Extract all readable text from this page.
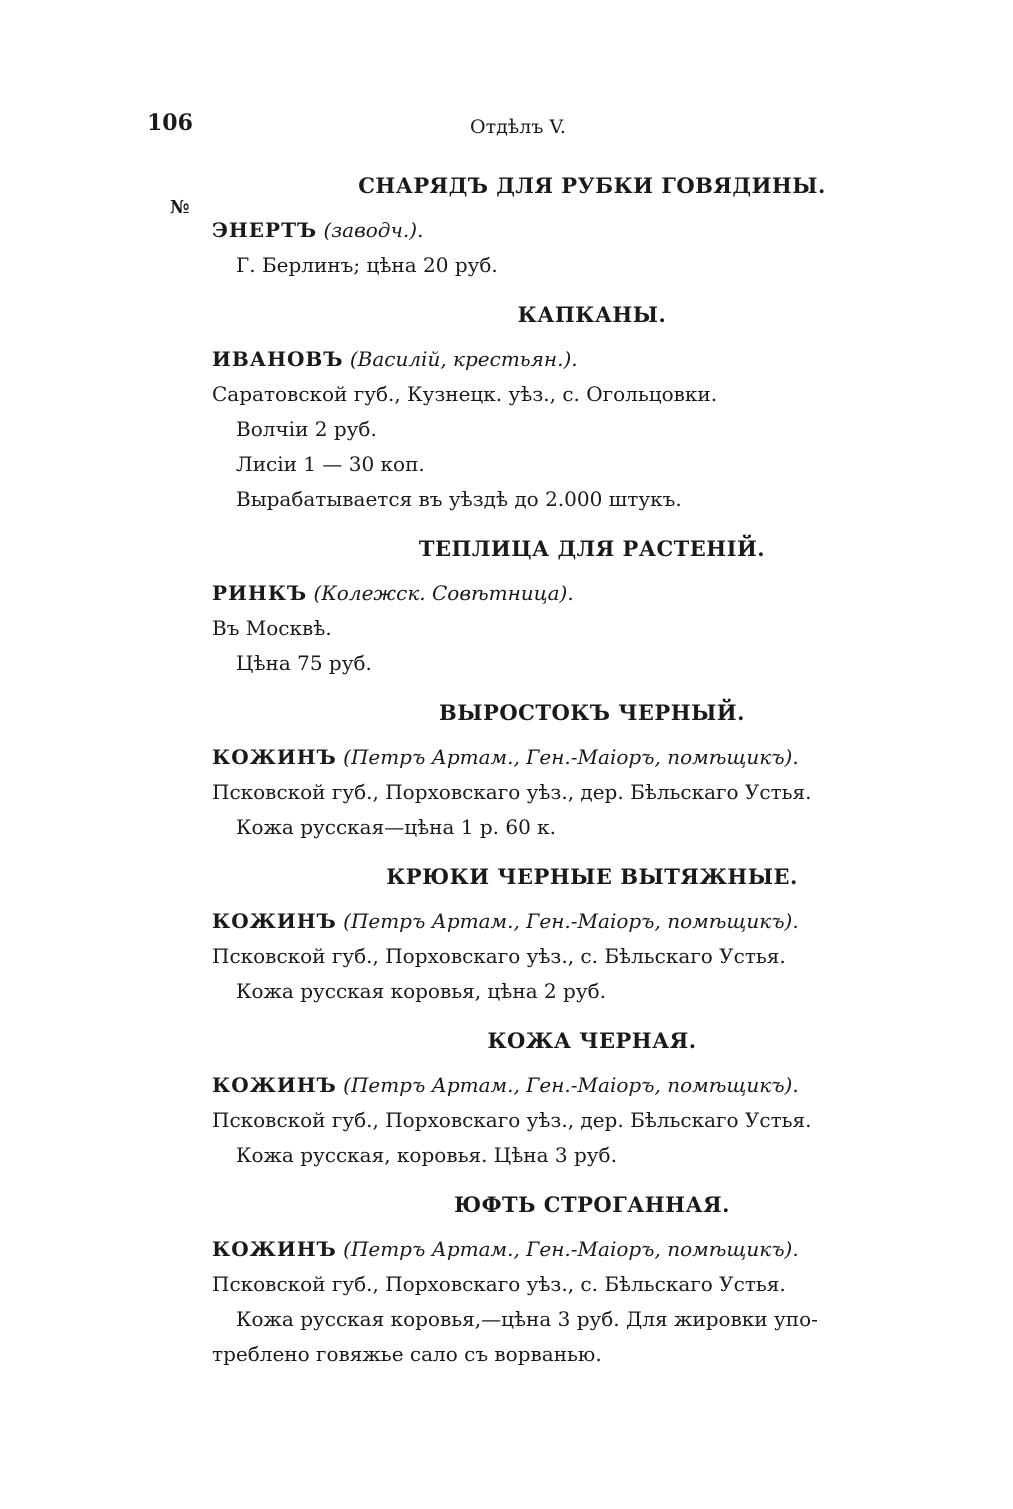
106	Отдѣлъ V.
№
СНАРЯДЪ ДЛЯ РУБКИ ГОВЯДИНЫ.

ЭНЕРТЪ (заводч.).

Г. Берлинъ; цѣна 20 руб.

КАПКАНЫ.

ИВАНОВЪ (Василій, крестьян.).

Саратовской губ., Кузнецк. уѣз., с. Огольцовки.

Волчіи 2 руб.

Лисіи 1 — 30 коп.

Вырабатывается въ уѣздѣ до 2.000 штукъ.

ТЕПЛИЦА ДЛЯ РАСТЕНІЙ.

РИНКЪ (Колежск. Совѣтница).

Въ Москвѣ.

Цѣна 75 руб.

ВЫРОСТОКЪ ЧЕРНЫЙ.

КОЖИНЪ (Петръ Артам., Ген.-Маіоръ, помѣщикъ).

Псковской губ., Порховскаго уѣз., дер. Бѣльскаго Устья.

Кожа русская—цѣна 1 р. 60 к.

КРЮКИ ЧЕРНЫЕ ВЫТЯЖНЫЕ.

КОЖИНЪ (Петръ Артам., Ген.-Маіоръ, помѣщикъ).

Псковской губ., Порховскаго уѣз., с. Бѣльскаго Устья.

Кожа русская коровья, цѣна 2 руб.

КОЖА ЧЕРНАЯ.

КОЖИНЪ (Петръ Артам., Ген.-Маіоръ, помѣщикъ).

Псковской губ., Порховскаго уѣз., дер. Бѣльскаго Устья.

Кожа русская, коровья. Цѣна 3 руб.

ЮФТЬ СТРОГАННАЯ.

КОЖИНЪ (Петръ Артам., Ген.-Маіоръ, помѣщикъ).

Псковской губ., Порховскаго уѣз., с. Бѣльскаго Устья.

Кожа русская коровья,—цѣна 3 руб. Для жировки упо-

треблено говяжье сало съ ворванью.
